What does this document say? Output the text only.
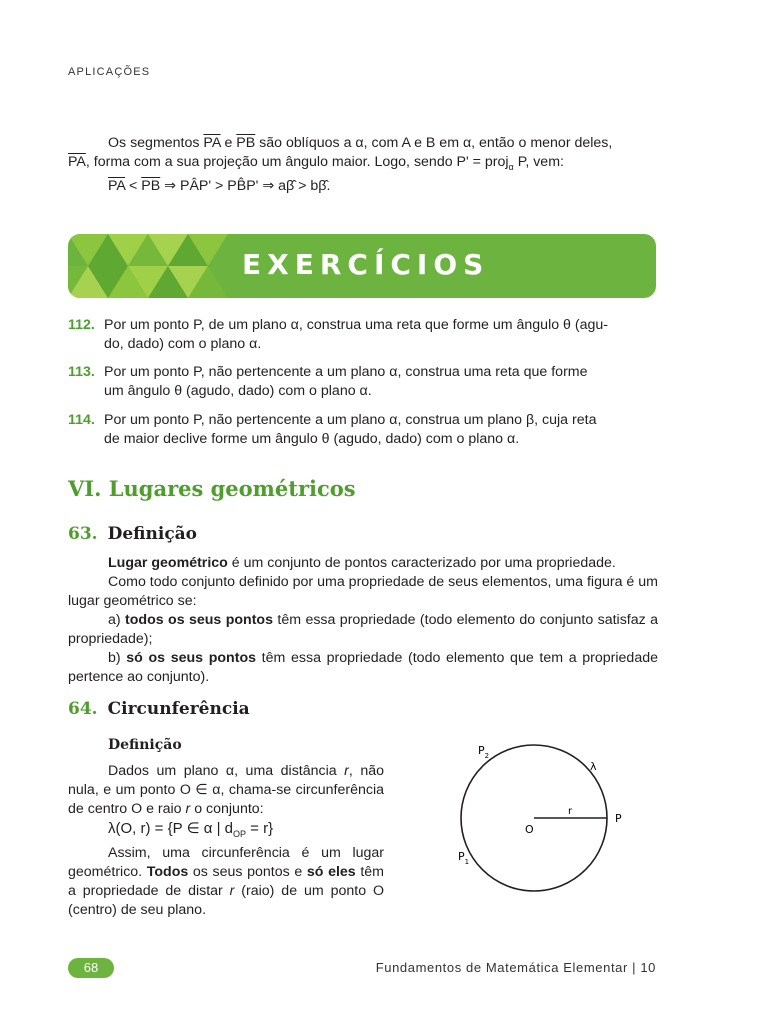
APLICAÇÕES
Os segmentos $\overline{PA}$ e $\overline{PB}$ são oblíquos a α, com A e B em α, então o menor deles,
$\overline{PA}$, forma com a sua projeção um ângulo maior. Logo, sendo P' = proj$_\alpha$ P, vem:
$\overline{PA} < \overline{PB}$ ⇒ PÂP' > PB̂P' ⇒ aβ̂ > bβ̂.
EXERCÍCIOS
112. Por um ponto P, de um plano α, construa uma reta que forme um ângulo θ (agu-
do, dado) com o plano α.
113. Por um ponto P, não pertencente a um plano α, construa uma reta que forme
um ângulo θ (agudo, dado) com o plano α.
114. Por um ponto P, não pertencente a um plano α, construa um plano β, cuja reta
de maior declive forme um ângulo θ (agudo, dado) com o plano α.
VI. Lugares geométricos
63. Definição
Lugar geométrico é um conjunto de pontos caracterizado por uma propriedade.
Como todo conjunto definido por uma propriedade de seus elementos, uma figura é um lugar geométrico se:
a) todos os seus pontos têm essa propriedade (todo elemento do conjunto satisfaz a propriedade);
b) só os seus pontos têm essa propriedade (todo elemento que tem a propriedade pertence ao conjunto).
64. Circunferência
Definição
Dados um plano α, uma distância r, não nula, e um ponto O ∈ α, chama-se circunferência de centro O e raio r o conjunto:
λ(O, r) = {P ∈ α | $d_{OP} = r$}
Assim, uma circunferência é um lugar geométrico. Todos os seus pontos e só eles têm a propriedade de distar r (raio) de um ponto O (centro) de seu plano.
$P_2$
λ
r
O
P
$P_1$
68	Fundamentos de Matemática Elementar | 10
